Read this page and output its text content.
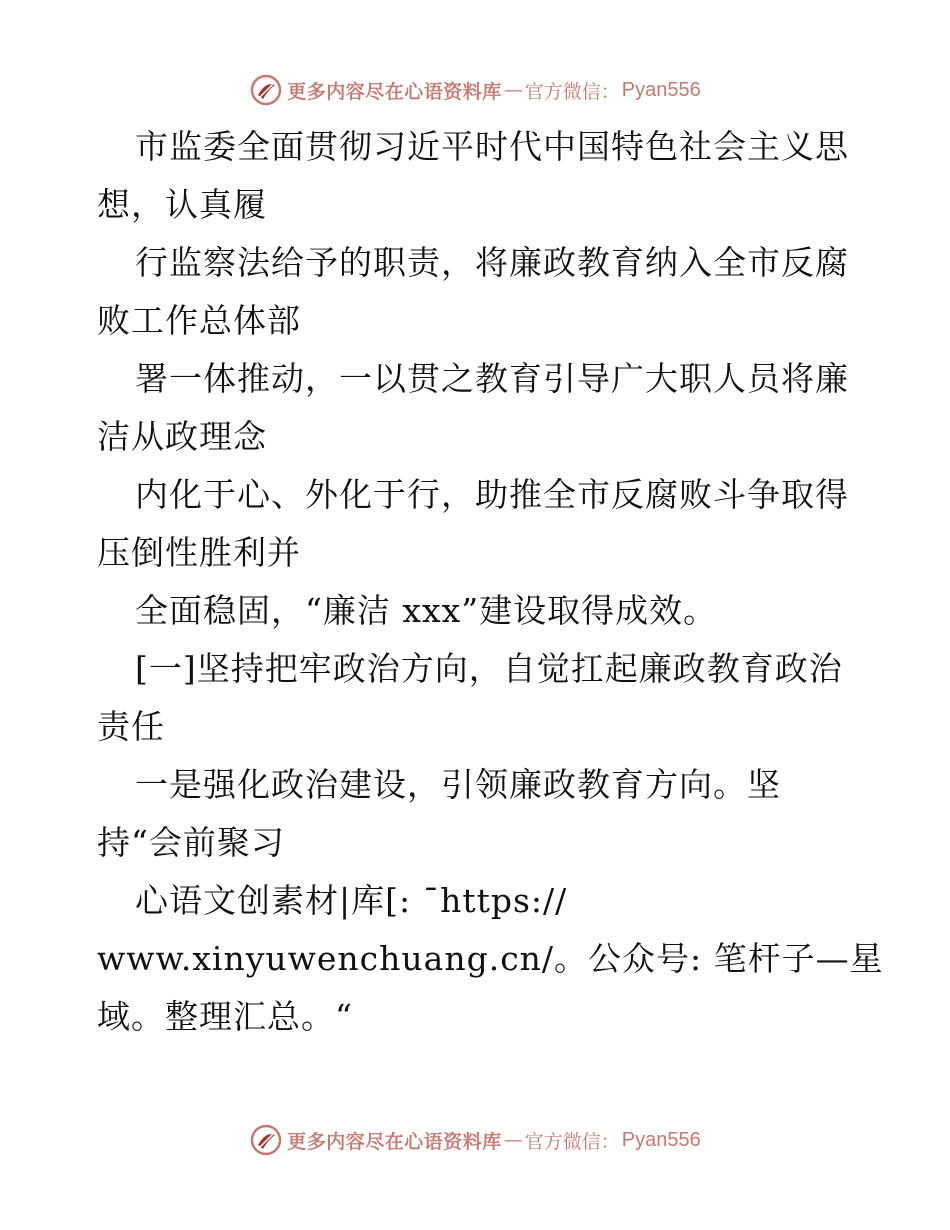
更多内容尽在心语资料库 — 官方微信： Pyan556
市监委全面贯彻习近平时代中国特色社会主义思
想，认真履
行监察法给予的职责，将廉政教育纳入全市反腐
败工作总体部
署一体推动，一以贯之教育引导广大职人员将廉
洁从政理念
内化于心、外化于行，助推全市反腐败斗争取得
压倒性胜利并
全面稳固，“廉洁 xxx”建设取得成效。
[一]坚持把牢政治方向，自觉扛起廉政教育政治
责任
一是强化政治建设，引领廉政教育方向。坚
持“会前聚习
心语文创素材|库[: ¯https://
www.xinyuwenchuang.cn/。公众号: 笔杆子—星
域。整理汇总。“
更多内容尽在心语资料库 — 官方微信： Pyan556
